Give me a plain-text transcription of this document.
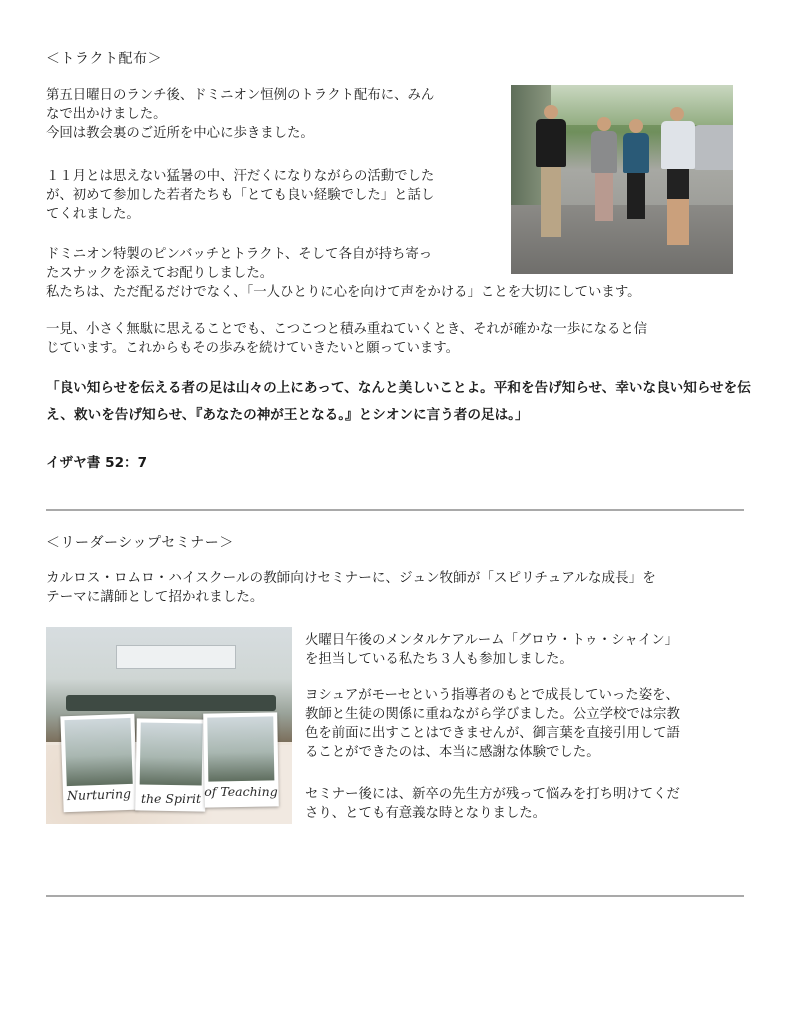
＜トラクト配布＞
第五日曜日のランチ後、ドミニオン恒例のトラクト配布に、みん
なで出かけました。
今回は教会裏のご近所を中心に歩きました。
１１月とは思えない猛暑の中、汗だくになりながらの活動でした
が、初めて参加した若者たちも「とても良い経験でした」と話し
てくれました。
ドミニオン特製のピンバッチとトラクト、そして各自が持ち寄っ
たスナックを添えてお配りしました。
私たちは、ただ配るだけでなく、「一人ひとりに心を向けて声をかける」ことを大切にしています。
一見、小さく無駄に思えることでも、こつこつと積み重ねていくとき、それが確かな一歩になると信
じています。これからもその歩みを続けていきたいと願っています。
「良い知らせを伝える者の足は山々の上にあって、なんと美しいことよ。平和を告げ知らせ、幸いな良い知らせを伝
え、救いを告げ知らせ、『あなたの神が王となる。』とシオンに言う者の足は。」
イザヤ書 52：7
＜リーダーシップセミナー＞
カルロス・ロムロ・ハイスクールの教師向けセミナーに、ジュン牧師が「スピリチュアルな成長」を
テーマに講師として招かれました。
火曜日午後のメンタルケアルーム「グロウ・トゥ・シャイン」
を担当している私たち３人も参加しました。
ヨシュアがモーセという指導者のもとで成長していった姿を、
教師と生徒の関係に重ねながら学びました。公立学校では宗教
色を前面に出すことはできませんが、御言葉を直接引用して語
ることができたのは、本当に感謝な体験でした。
セミナー後には、新卒の先生方が残って悩みを打ち明けてくだ
さり、とても有意義な時となりました。
Nurturing the Spirit of Teaching
